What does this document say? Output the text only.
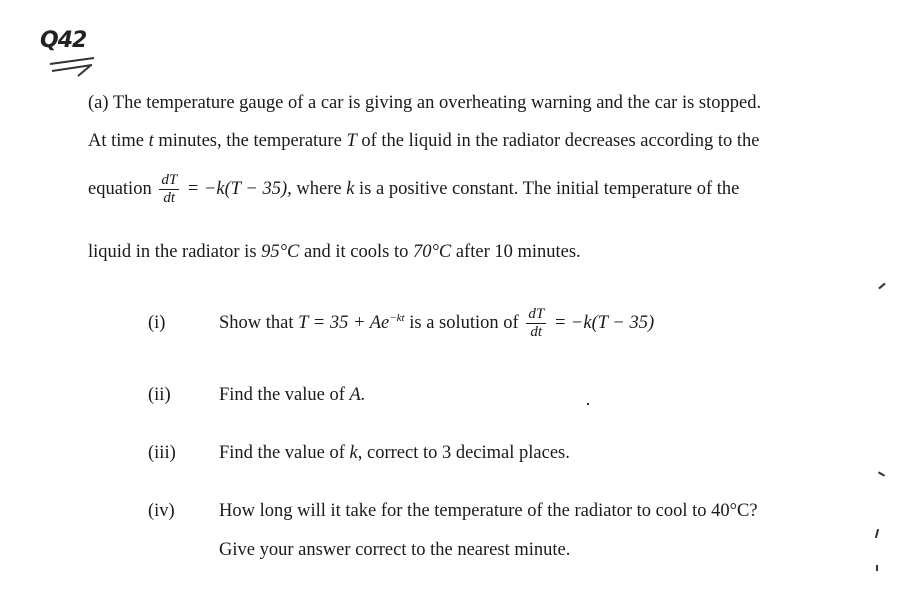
Q42
(a) The temperature gauge of a car is giving an overheating warning and the car is stopped.
At time t minutes, the temperature T of the liquid in the radiator decreases according to the
equation $\frac{dT}{dt} = -k(T - 35)$, where k is a positive constant. The initial temperature of the
liquid in the radiator is 95°C and it cools to 70°C after 10 minutes.
(i)	Show that $T = 35 + Ae^{-kt}$ is a solution of $\frac{dT}{dt} = -k(T - 35)$
(ii)	Find the value of A.
(iii) Find the value of k, correct to 3 decimal places.
(iv) How long will it take for the temperature of the radiator to cool to 40°C?
Give your answer correct to the nearest minute.
